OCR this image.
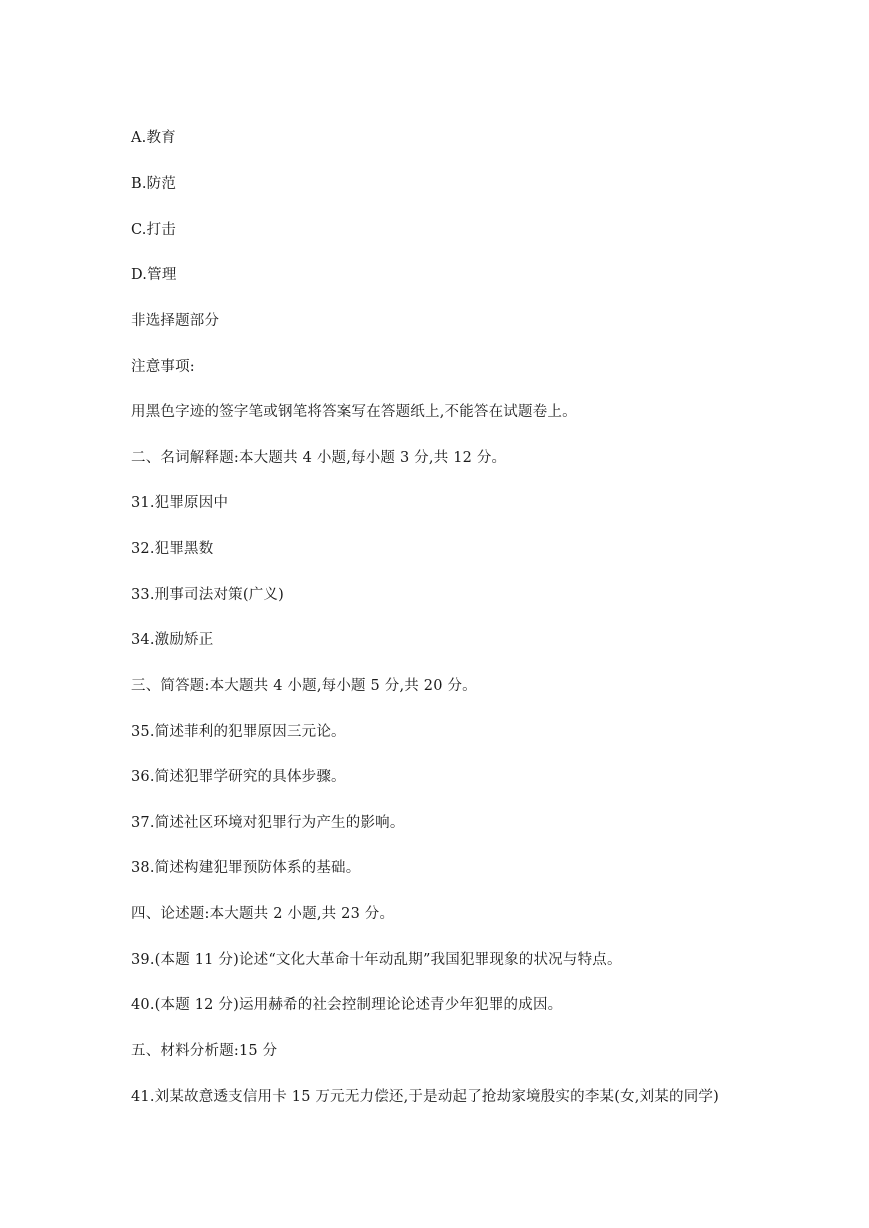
A.教育
B.防范
C.打击
D.管理
非选择题部分
注意事项:
用黑色字迹的签字笔或钢笔将答案写在答题纸上,不能答在试题卷上。
二、名词解释题:本大题共 4 小题,每小题 3 分,共 12 分。
31.犯罪原因中
32.犯罪黑数
33.刑事司法对策(广义)
34.激励矫正
三、简答题:本大题共 4 小题,每小题 5 分,共 20 分。
35.简述菲利的犯罪原因三元论。
36.简述犯罪学研究的具体步骤。
37.简述社区环境对犯罪行为产生的影响。
38.简述构建犯罪预防体系的基础。
四、论述题:本大题共 2 小题,共 23 分。
39.(本题 11 分)论述“文化大革命十年动乱期”我国犯罪现象的状况与特点。
40.(本题 12 分)运用赫希的社会控制理论论述青少年犯罪的成因。
五、材料分析题:15 分
41.刘某故意透支信用卡 15 万元无力偿还,于是动起了抢劫家境殷实的李某(女,刘某的同学)
